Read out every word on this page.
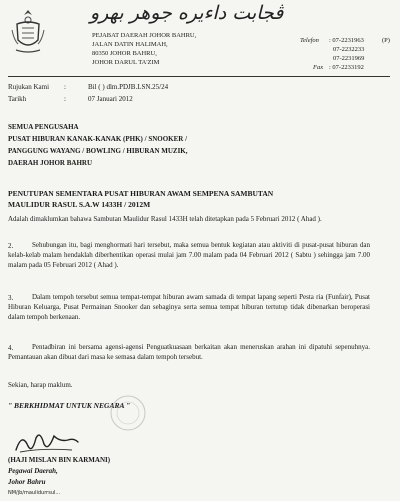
ڤجابت داءيره جوهر بهرو
PEJABAT DAERAH JOHOR BAHRU,
JALAN DATIN HALIMAH,
80350 JOHOR BAHRU,
JOHOR DARUL TA'ZIM
Telefon : 07-2231963	(P)
07-2232233
07-2231969
Fax : 07-2233192
Rujukan Kami :	Bil ( ) dlm.PDJB.LSN.25/24
Tarikh	:	07 Januari 2012
SEMUA PENGUSAHA
PUSAT HIBURAN KANAK-KANAK (PHK) / SNOOKER /
PANGGUNG WAYANG / BOWLING / HIBURAN MUZIK,
DAERAH JOHOR BAHRU
PENUTUPAN SEMENTARA PUSAT HIBURAN AWAM SEMPENA SAMBUTAN
MAULIDUR RASUL S.A.W 1433H / 2012M
Adalah dimaklumkan bahawa Sambutan Maulidur Rasul 1433H telah ditetapkan pada 5 Februari 2012 ( Ahad ).
2.	Sehubungan itu, bagi menghormati hari tersebut, maka semua bentuk kegiatan atau aktiviti di pusat-pusat hiburan dan kelab-kelab malam hendaklah diberhentikan operasi mulai jam 7.00 malam pada 04 Februari 2012 ( Sabtu ) sehingga jam 7.00 malam pada 05 Februari 2012 ( Ahad ).
3.	Dalam tempoh tersebut semua tempat-tempat hiburan awam samada di tempat lapang seperti Pesta ria (Funfair), Pusat Hiburan Keluarga, Pusat Permainan Snooker dan sebaginya serta semua tempat hiburan tertutup tidak dibenarkan beroperasi dalam tempoh berkenaan.
4.	Pentadbiran ini bersama agensi-agensi Penguatkuasaan berkaitan akan meneruskan arahan ini dipatuhi sepenuhnya. Pemantauan akan dibuat dari masa ke semasa dalam tempoh tersebut.
Sekian, harap maklum.
" BERKHIDMAT UNTUK NEGARA "
(HAJI MISLAN BIN KARMANI)
Pegawai Daerah,
Johor Bahru
NM/jb/maulidurrsul...
